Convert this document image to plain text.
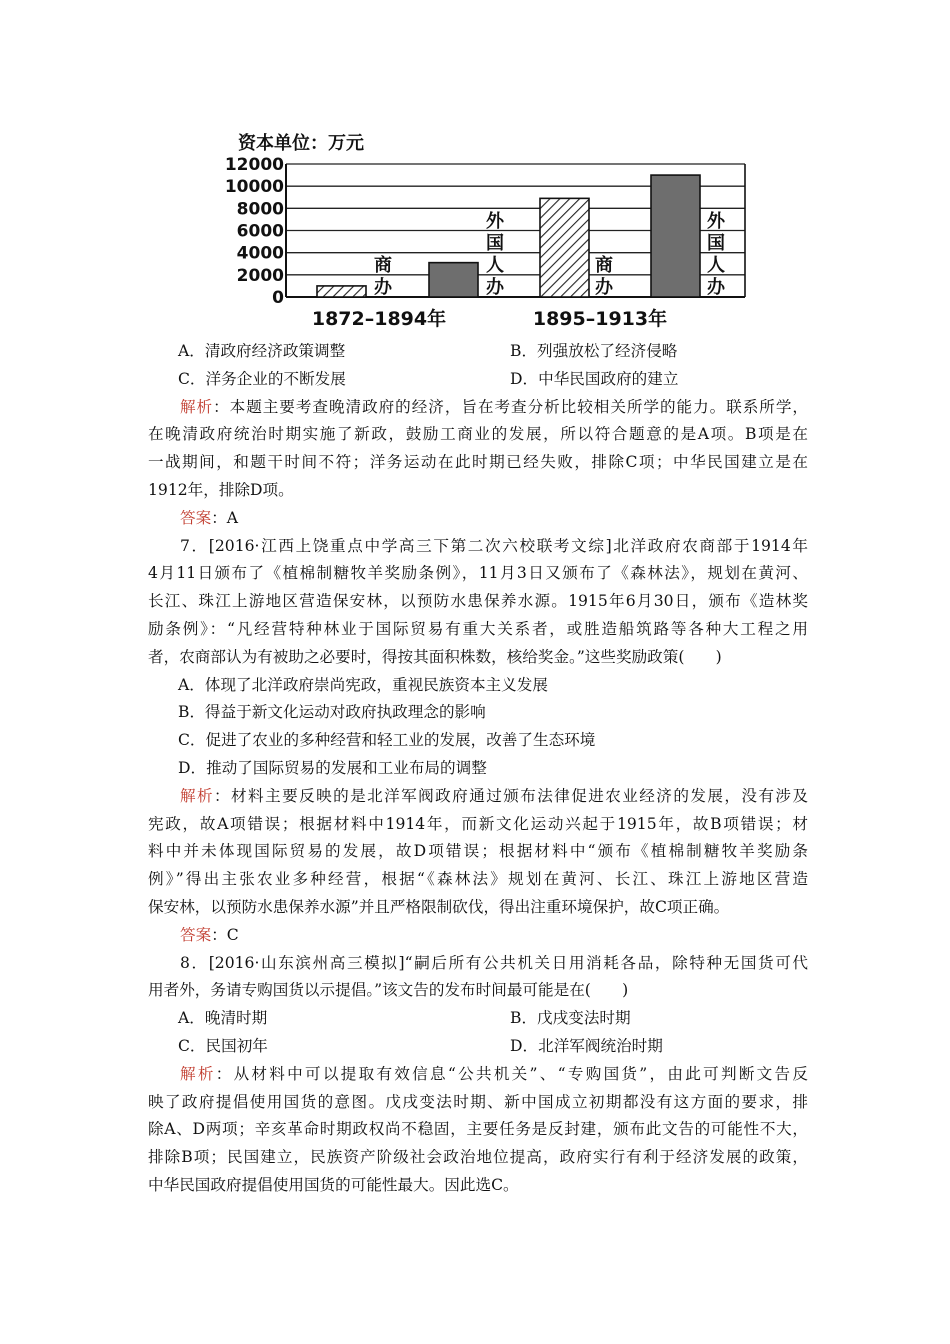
资本单位：万元
0
2000
4000
6000
8000
10000
12000
商
办
商
办
外
国
人
办
外
国
人
办
1872–1894年	1895–1913年
A．清政府经济政策调整	B．列强放松了经济侵略
C．洋务企业的不断发展	D．中华民国政府的建立
解析：本题主要考查晚清政府的经济，旨在考查分析比较相关所学的能力。联系所学，
在晚清政府统治时期实施了新政，鼓励工商业的发展，所以符合题意的是A项。B项是在
一战期间，和题干时间不符；洋务运动在此时期已经失败，排除C项；中华民国建立是在
1912年，排除D项。
答案：A
7．[2016·江西上饶重点中学高三下第二次六校联考文综]北洋政府农商部于1914年
4月11日颁布了《植棉制糖牧羊奖励条例》，11月3日又颁布了《森林法》，规划在黄河、
长江、珠江上游地区营造保安林，以预防水患保养水源。1915年6月30日，颁布《造林奖
励条例》：“凡经营特种林业于国际贸易有重大关系者，或胜造船筑路等各种大工程之用
者，农商部认为有被助之必要时，得按其面积株数，核给奖金。”这些奖励政策(　　)
A．体现了北洋政府崇尚宪政，重视民族资本主义发展
B．得益于新文化运动对政府执政理念的影响
C．促进了农业的多种经营和轻工业的发展，改善了生态环境
D．推动了国际贸易的发展和工业布局的调整
解析：材料主要反映的是北洋军阀政府通过颁布法律促进农业经济的发展，没有涉及
宪政，故A项错误；根据材料中1914年，而新文化运动兴起于1915年，故B项错误；材
料中并未体现国际贸易的发展，故D项错误；根据材料中“颁布《植棉制糖牧羊奖励条
例》”得出主张农业多种经营，根据“《森林法》规划在黄河、长江、珠江上游地区营造
保安林，以预防水患保养水源”并且严格限制砍伐，得出注重环境保护，故C项正确。
答案：C
8．[2016·山东滨州高三模拟]“嗣后所有公共机关日用消耗各品，除特种无国货可代
用者外，务请专购国货以示提倡。”该文告的发布时间最可能是在(　　)
A．晚清时期	B．戊戌变法时期
C．民国初年	D．北洋军阀统治时期
解析：从材料中可以提取有效信息“公共机关”、“专购国货”，由此可判断文告反
映了政府提倡使用国货的意图。戊戌变法时期、新中国成立初期都没有这方面的要求，排
除A、D两项；辛亥革命时期政权尚不稳固，主要任务是反封建，颁布此文告的可能性不大，
排除B项；民国建立，民族资产阶级社会政治地位提高，政府实行有利于经济发展的政策，
中华民国政府提倡使用国货的可能性最大。因此选C。
